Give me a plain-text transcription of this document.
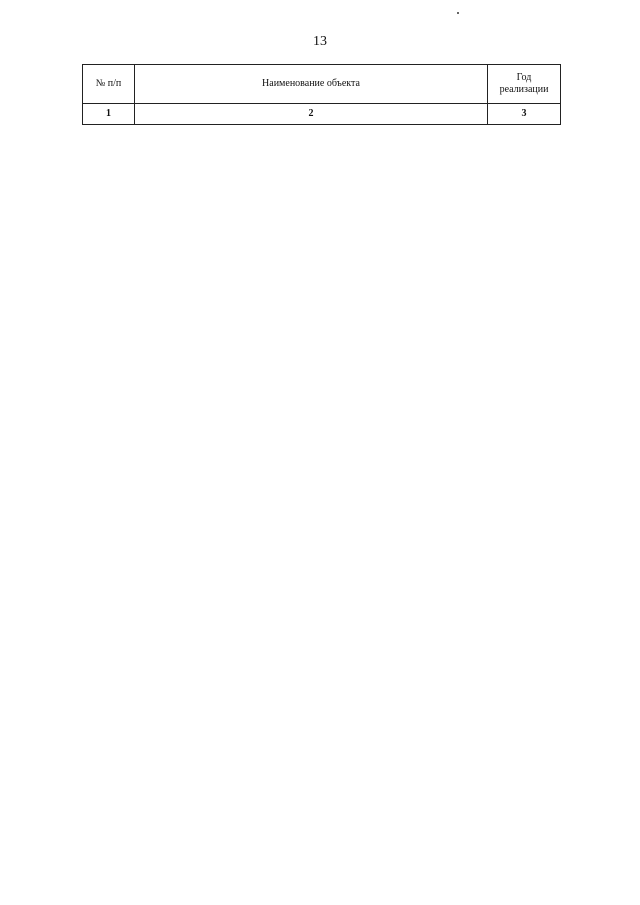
13
№ п/п	Наименование объекта	Год реализации
1	2	3
